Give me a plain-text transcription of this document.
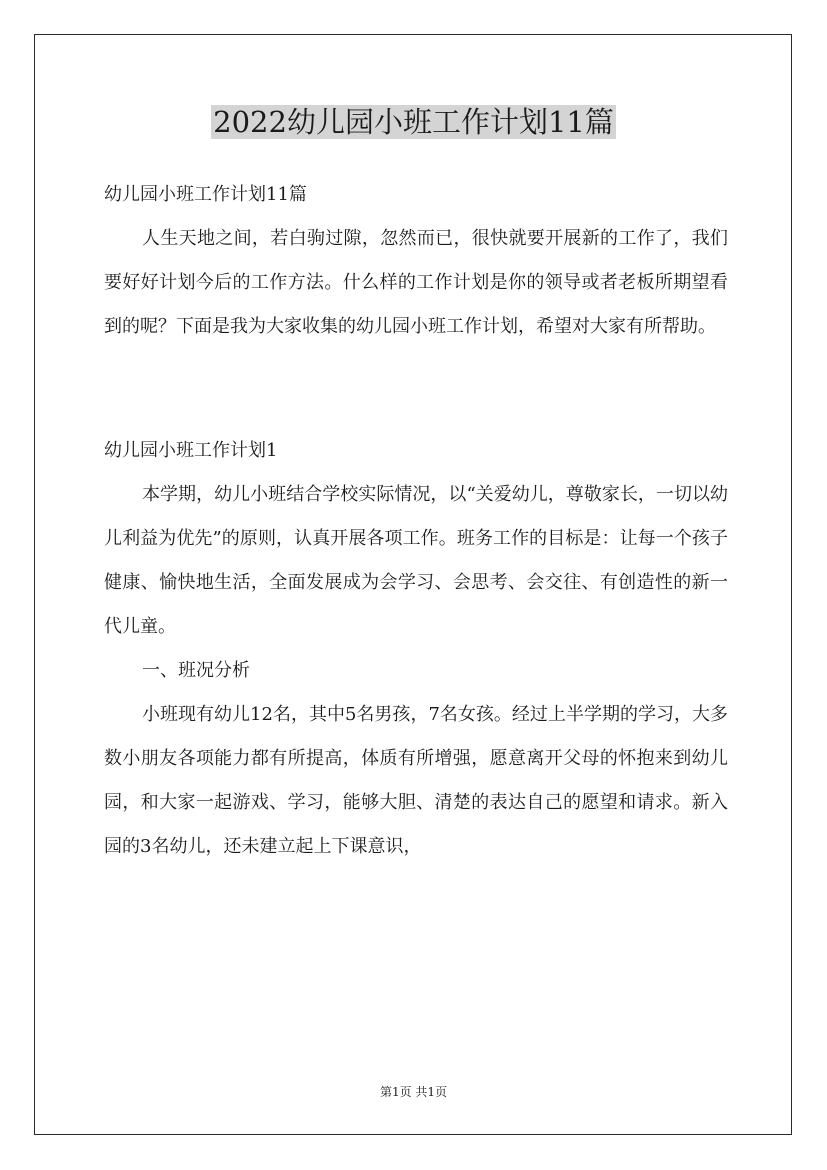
2022幼儿园小班工作计划11篇

幼儿园小班工作计划11篇

人生天地之间，若白驹过隙，忽然而已，很快就要开展新的工作了，我们要好好计划今后的工作方法。什么样的工作计划是你的领导或者老板所期望看到的呢？下面是我为大家收集的幼儿园小班工作计划，希望对大家有所帮助。

幼儿园小班工作计划1

本学期，幼儿小班结合学校实际情况，以“关爱幼儿，尊敬家长，一切以幼儿利益为优先”的原则，认真开展各项工作。班务工作的目标是：让每一个孩子健康、愉快地生活，全面发展成为会学习、会思考、会交往、有创造性的新一代儿童。

一、班况分析

小班现有幼儿12名，其中5名男孩，7名女孩。经过上半学期的学习，大多数小朋友各项能力都有所提高，体质有所增强，愿意离开父母的怀抱来到幼儿园，和大家一起游戏、学习，能够大胆、清楚的表达自己的愿望和请求。新入园的3名幼儿，还未建立起上下课意识，

第1页 共1页
